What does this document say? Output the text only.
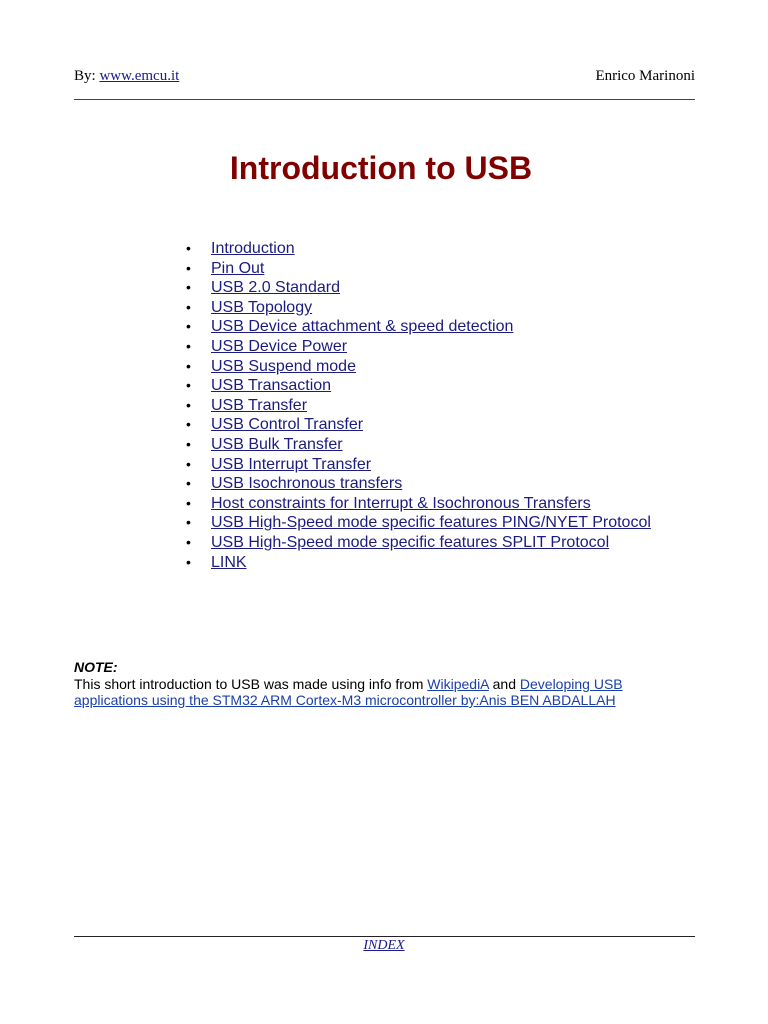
By: www.emcu.it	Enrico Marinoni
Introduction to USB
• Introduction
• Pin Out
• USB 2.0 Standard
• USB Topology
• USB Device attachment & speed detection
• USB Device Power
• USB Suspend mode
• USB Transaction
• USB Transfer
• USB Control Transfer
• USB Bulk Transfer
• USB Interrupt Transfer
• USB Isochronous transfers
• Host constraints for Interrupt & Isochronous Transfers
• USB High-Speed mode specific features PING/NYET Protocol
• USB High-Speed mode specific features SPLIT Protocol
• LINK
NOTE:
This short introduction to USB was made using info from WikipediA and Developing USB applications using the STM32 ARM Cortex-M3 microcontroller by:Anis BEN ABDALLAH
INDEX
